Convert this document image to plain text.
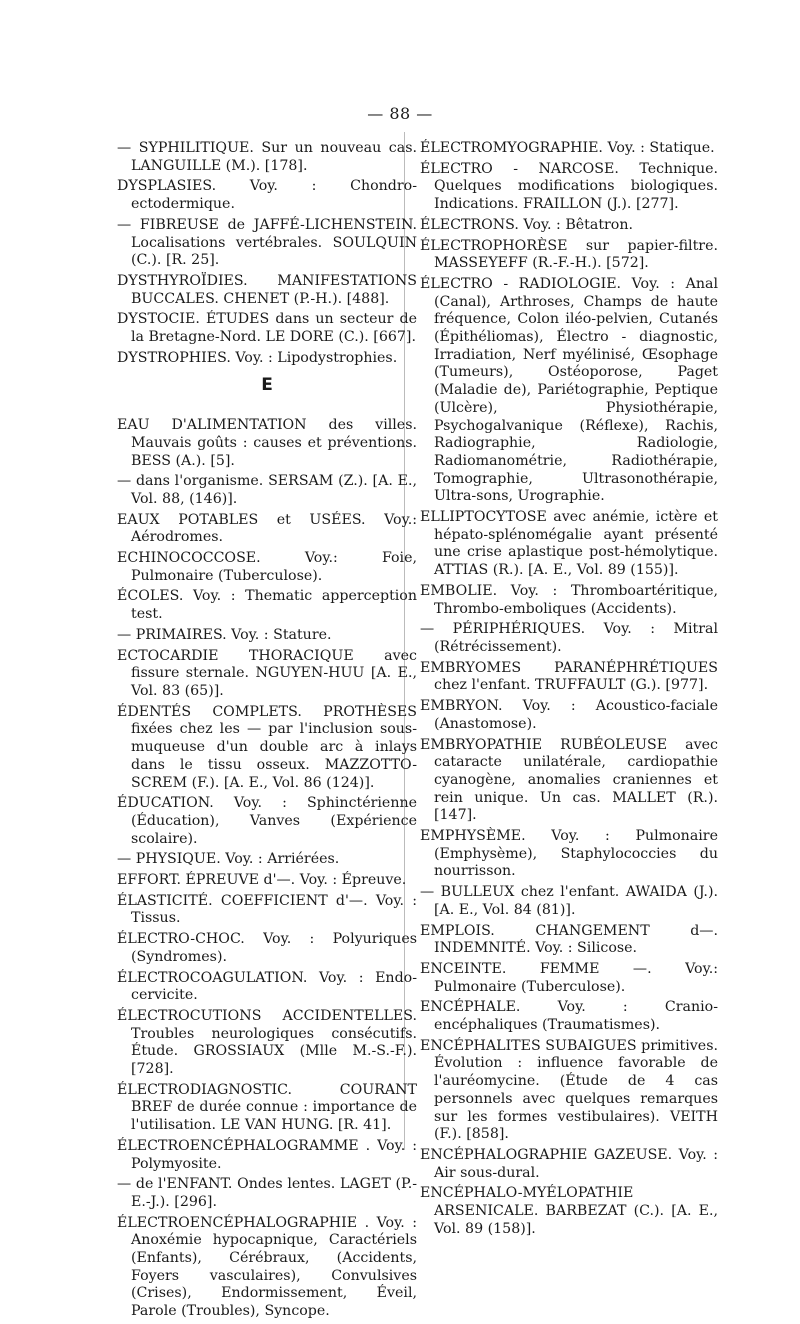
— 88 —

— SYPHILITIQUE. Sur un nouveau cas. LANGUILLE (M.). [178].

DYSPLASIES. Voy. : Chondro-ectodermique.

— FIBREUSE de JAFFÉ-LICHENSTEIN. Localisations vertébrales. SOULQUIN (C.). [R. 25].

DYSTHYROÏDIES. MANIFESTATIONS BUCCALES. CHENET (P.-H.). [488].

DYSTOCIE. ÉTUDES dans un secteur de la Bretagne-Nord. LE DORE (C.). [667].

DYSTROPHIES. Voy. : Lipodystrophies.

E

EAU D'ALIMENTATION des villes. Mauvais goûts : causes et préventions. BESS (A.). [5].

— dans l'organisme. SERSAM (Z.). [A. E., Vol. 88, (146)].

EAUX POTABLES et USÉES. Voy.: Aérodromes.

ECHINOCOCCOSE. Voy.: Foie, Pulmonaire (Tuberculose).

ÉCOLES. Voy. : Thematic apperception test.

— PRIMAIRES. Voy. : Stature.

ECTOCARDIE THORACIQUE avec fissure sternale. NGUYEN-HUU [A. E., Vol. 83 (65)].

ÉDENTÉS COMPLETS. PROTHÈSES fixées chez les — par l'inclusion sous-muqueuse d'un double arc à inlays dans le tissu osseux. MAZZOTTO-SCREM (F.). [A. E., Vol. 86 (124)].

ÉDUCATION. Voy. : Sphinctérienne (Éducation), Vanves (Expérience scolaire).

— PHYSIQUE. Voy. : Arriérées.

EFFORT. ÉPREUVE d'—. Voy. : Épreuve.

ÉLASTICITÉ. COEFFICIENT d'—. Voy. : Tissus.

ÉLECTRO-CHOC. Voy. : Polyuriques (Syndromes).

ÉLECTROCOAGULATION. Voy. : Endo-cervicite.

ÉLECTROCUTIONS ACCIDENTELLES. Troubles neurologiques consécutifs. Étude. GROSSIAUX (Mlle M.-S.-F.). [728].

ÉLECTRODIAGNOSTIC. COURANT BREF de durée connue : importance de l'utilisation. LE VAN HUNG. [R. 41].

ÉLECTROENCÉPHALOGRAMME . Voy. : Polymyosite.

— de l'ENFANT. Ondes lentes. LAGET (P.-E.-J.). [296].

ÉLECTROENCÉPHALOGRAPHIE . Voy. : Anoxémie hypocapnique, Caractériels (Enfants), Cérébraux, (Accidents, Foyers vasculaires), Convulsives (Crises), Endormissement, Éveil, Parole (Troubles), Syncope.

ÉLECTROMYOGRAPHIE. Voy. : Statique.

ÉLECTRO - NARCOSE. Technique. Quelques modifications biologiques. Indications. FRAILLON (J.). [277].

ÉLECTRONS. Voy. : Bêtatron.

ÉLECTROPHORÈSE sur papier-filtre. MASSEYEFF (R.-F.-H.). [572].

ÉLECTRO - RADIOLOGIE. Voy. : Anal (Canal), Arthroses, Champs de haute fréquence, Colon iléo-pelvien, Cutanés (Épithéliomas), Électro - diagnostic, Irradiation, Nerf myélinisé, Œsophage (Tumeurs), Ostéoporose, Paget (Maladie de), Pariétographie, Peptique (Ulcère), Physiothérapie, Psychogalvanique (Réflexe), Rachis, Radiographie, Radiologie, Radiomanométrie, Radiothérapie, Tomographie, Ultrasonothérapie, Ultra-sons, Urographie.

ELLIPTOCYTOSE avec anémie, ictère et hépato-splénomégalie ayant présenté une crise aplastique post-hémolytique. ATTIAS (R.). [A. E., Vol. 89 (155)].

EMBOLIE. Voy. : Thromboartéritique, Thrombo-emboliques (Accidents).

— PÉRIPHÉRIQUES. Voy. : Mitral (Rétrécissement).

EMBRYOMES PARANÉPHRÉTIQUES chez l'enfant. TRUFFAULT (G.). [977].

EMBRYON. Voy. : Acoustico-faciale (Anastomose).

EMBRYOPATHIE RUBÉOLEUSE avec cataracte unilatérale, cardiopathie cyanogène, anomalies craniennes et rein unique. Un cas. MALLET (R.). [147].

EMPHYSÈME. Voy. : Pulmonaire (Emphysème), Staphylococcies du nourrisson.

— BULLEUX chez l'enfant. AWAIDA (J.). [A. E., Vol. 84 (81)].

EMPLOIS. CHANGEMENT d—. INDEMNITÉ. Voy. : Silicose.

ENCEINTE. FEMME —. Voy.: Pulmonaire (Tuberculose).

ENCÉPHALE. Voy. : Cranio-encéphaliques (Traumatismes).

ENCÉPHALITES SUBAIGUES primitives. Évolution : influence favorable de l'auréomycine. (Étude de 4 cas personnels avec quelques remarques sur les formes vestibulaires). VEITH (F.). [858].

ENCÉPHALOGRAPHIE GAZEUSE. Voy. : Air sous-dural.

ENCÉPHALO-MYÉLOPATHIE ARSENICALE. BARBEZAT (C.). [A. E., Vol. 89 (158)].
